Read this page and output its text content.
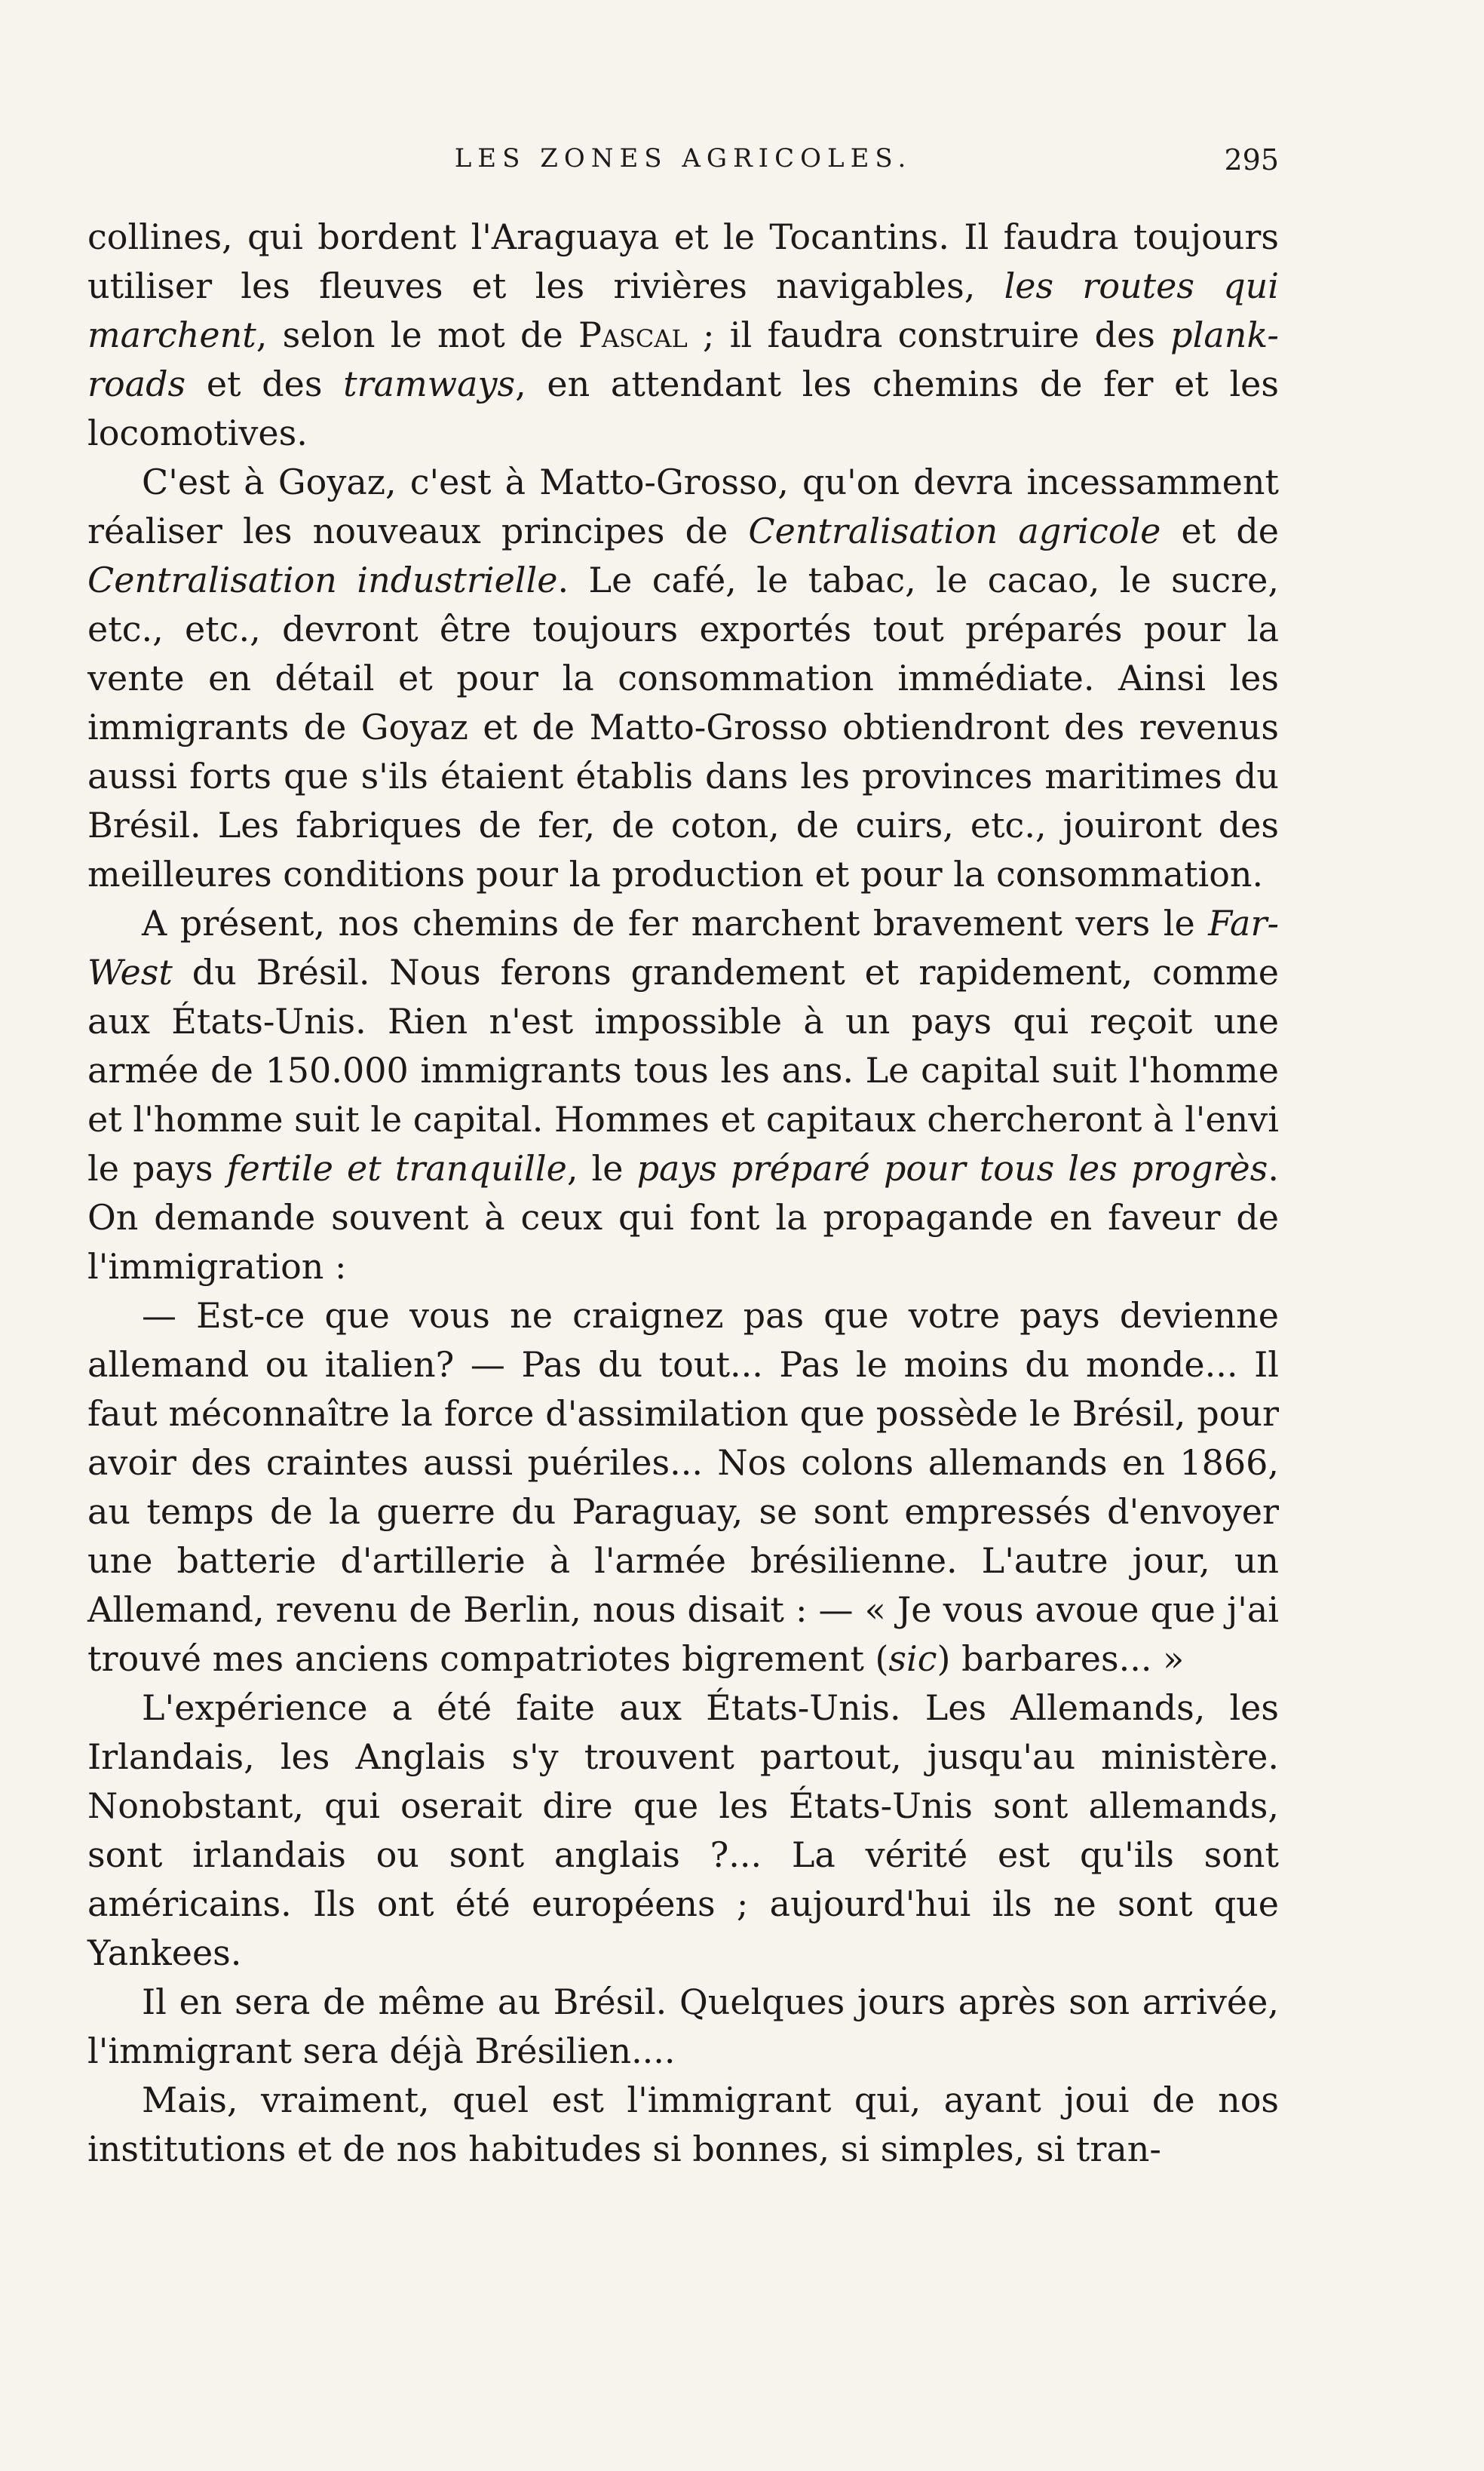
LES ZONES AGRICOLES.	295

collines, qui bordent l'Araguaya et le Tocantins. Il faudra toujours utiliser les fleuves et les rivières navigables, les routes qui marchent, selon le mot de Pascal ; il faudra construire des plank-roads et des tramways, en attendant les chemins de fer et les locomotives.

C'est à Goyaz, c'est à Matto-Grosso, qu'on devra incessamment réaliser les nouveaux principes de Centralisation agricole et de Centralisation industrielle. Le café, le tabac, le cacao, le sucre, etc., etc., devront être toujours exportés tout préparés pour la vente en détail et pour la consommation immédiate. Ainsi les immigrants de Goyaz et de Matto-Grosso obtiendront des revenus aussi forts que s'ils étaient établis dans les provinces maritimes du Brésil. Les fabriques de fer, de coton, de cuirs, etc., jouiront des meilleures conditions pour la production et pour la consommation.

A présent, nos chemins de fer marchent bravement vers le Far-West du Brésil. Nous ferons grandement et rapidement, comme aux États-Unis. Rien n'est impossible à un pays qui reçoit une armée de 150.000 immigrants tous les ans. Le capital suit l'homme et l'homme suit le capital. Hommes et capitaux chercheront à l'envi le pays fertile et tranquille, le pays préparé pour tous les progrès. On demande souvent à ceux qui font la propagande en faveur de l'immigration :

— Est-ce que vous ne craignez pas que votre pays devienne allemand ou italien? — Pas du tout... Pas le moins du monde... Il faut méconnaître la force d'assimilation que possède le Brésil, pour avoir des craintes aussi puériles... Nos colons allemands en 1866, au temps de la guerre du Paraguay, se sont empressés d'envoyer une batterie d'artillerie à l'armée brésilienne. L'autre jour, un Allemand, revenu de Berlin, nous disait : — « Je vous avoue que j'ai trouvé mes anciens compatriotes bigrement (sic) barbares... »

L'expérience a été faite aux États-Unis. Les Allemands, les Irlandais, les Anglais s'y trouvent partout, jusqu'au ministère. Nonobstant, qui oserait dire que les États-Unis sont allemands, sont irlandais ou sont anglais ?... La vérité est qu'ils sont américains. Ils ont été européens ; aujourd'hui ils ne sont que Yankees.

Il en sera de même au Brésil. Quelques jours après son arrivée, l'immigrant sera déjà Brésilien....

Mais, vraiment, quel est l'immigrant qui, ayant joui de nos institutions et de nos habitudes si bonnes, si simples, si tran-
